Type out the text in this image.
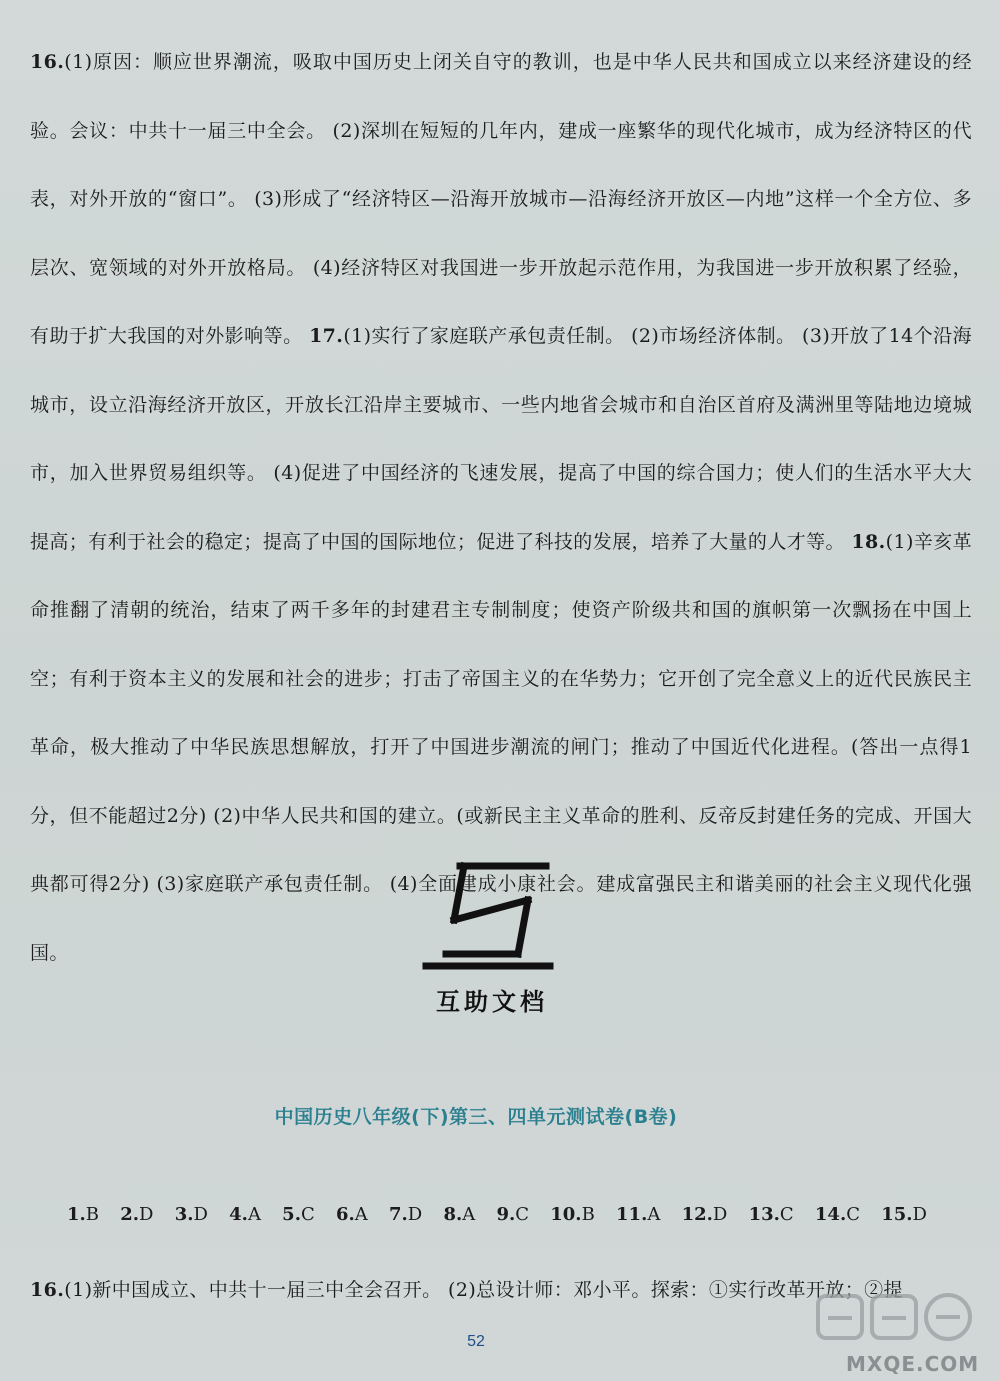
16.(1)原因：顺应世界潮流，吸取中国历史上闭关自守的教训，也是中华人民共和国成立以来经济建设的经验。会议：中共十一届三中全会。 (2)深圳在短短的几年内，建成一座繁华的现代化城市，成为经济特区的代表，对外开放的“窗口”。 (3)形成了“经济特区—沿海开放城市—沿海经济开放区—内地”这样一个全方位、多层次、宽领域的对外开放格局。 (4)经济特区对我国进一步开放起示范作用，为我国进一步开放积累了经验，有助于扩大我国的对外影响等。 17.(1)实行了家庭联产承包责任制。 (2)市场经济体制。 (3)开放了14个沿海城市，设立沿海经济开放区，开放长江沿岸主要城市、一些内地省会城市和自治区首府及满洲里等陆地边境城市，加入世界贸易组织等。 (4)促进了中国经济的飞速发展，提高了中国的综合国力；使人们的生活水平大大提高；有利于社会的稳定；提高了中国的国际地位；促进了科技的发展，培养了大量的人才等。 18.(1)辛亥革命推翻了清朝的统治，结束了两千多年的封建君主专制制度；使资产阶级共和国的旗帜第一次飘扬在中国上空；有利于资本主义的发展和社会的进步；打击了帝国主义的在华势力；它开创了完全意义上的近代民族民主革命，极大推动了中华民族思想解放，打开了中国进步潮流的闸门；推动了中国近代化进程。(答出一点得1分，但不能超过2分) (2)中华人民共和国的建立。(或新民主主义革命的胜利、反帝反封建任务的完成、开国大典都可得2分) (3)家庭联产承包责任制。 (4)全面建成小康社会。建成富强民主和谐美丽的社会主义现代化强国。

互助文档
中国历史八年级(下)第三、四单元测试卷(B卷)
1.B 2.D 3.D 4.A 5.C 6.A 7.D 8.A 9.C 10.B 11.A 12.D 13.C 14.C 15.D
16.(1)新中国成立、中共十一届三中全会召开。 (2)总设计师：邓小平。探索：①实行改革开放；②提
52
MXQE.COM
